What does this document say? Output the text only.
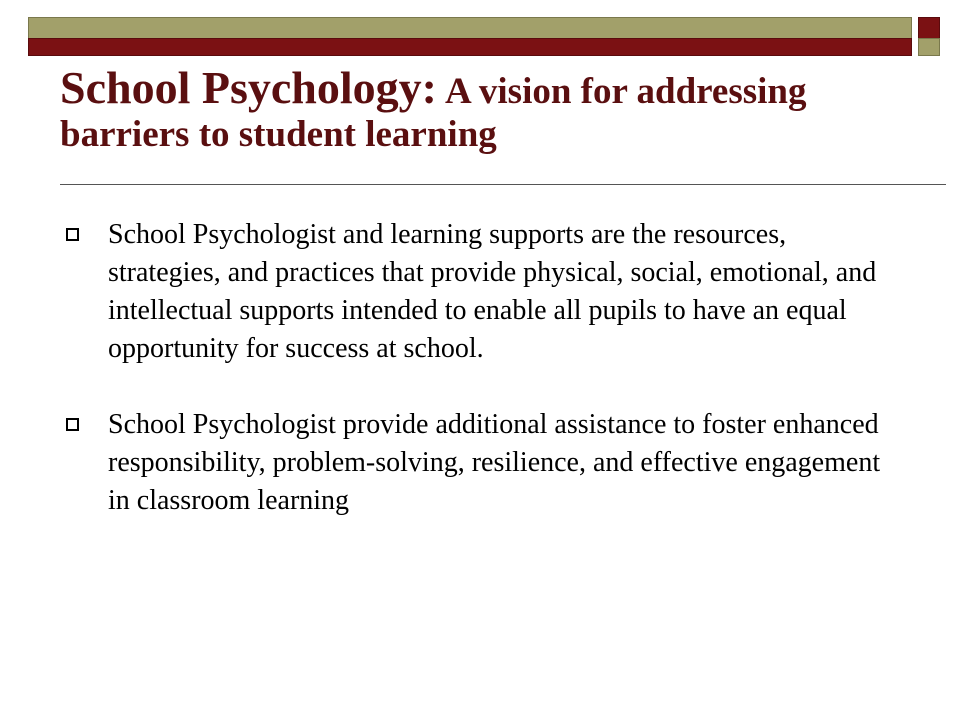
School Psychology: A vision for addressing barriers to student learning
School Psychologist and learning supports are the resources, strategies, and practices that provide physical, social, emotional, and intellectual supports intended to enable all pupils to have an equal opportunity for success at school.
School Psychologist provide additional assistance to foster enhanced responsibility, problem-solving, resilience, and effective engagement in classroom learning
